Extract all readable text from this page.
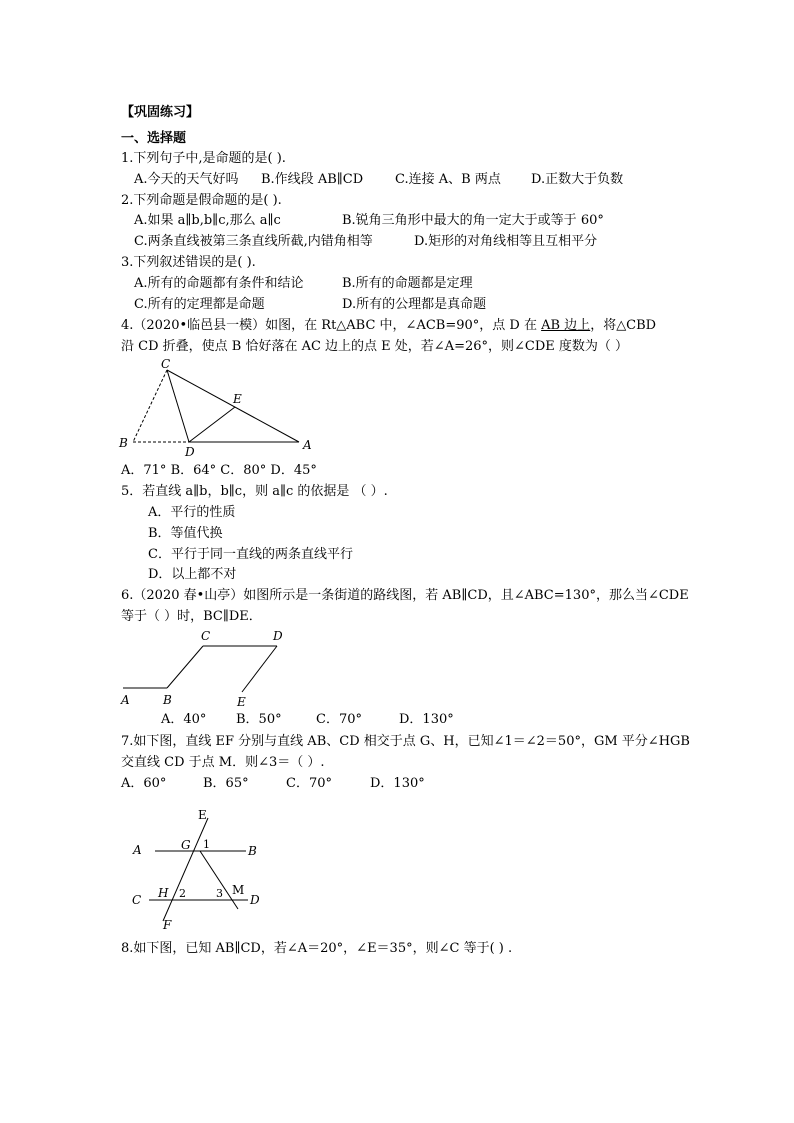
【巩固练习】
一、选择题
1.下列句子中,是命题的是( ).
A.今天的天气好吗 B.作线段 AB∥CD C.连接 A、B 两点 D.正数大于负数
2.下列命题是假命题的是( ).
A.如果 a∥b,b∥c,那么 a∥c	B.锐角三角形中最大的角一定大于或等于 60°
C.两条直线被第三条直线所截,内错角相等	D.矩形的对角线相等且互相平分
3.下列叙述错误的是( ).
A.所有的命题都有条件和结论	B.所有的命题都是定理
C.所有的定理都是命题	D.所有的公理都是真命题
4.（2020•临邑县一模）如图，在 Rt△ABC 中，∠ACB=90°，点 D 在 AB 边上，将△CBD
沿 CD 折叠，使点 B 恰好落在 AC 边上的点 E 处，若∠A=26°，则∠CDE 度数为（ ）
C
E
B
D	A
A．71° B．64° C．80° D．45°
5．若直线 a∥b，b∥c，则 a∥c 的依据是 （ ）.
A．平行的性质
B．等值代换
C．平行于同一直线的两条直线平行
D．以上都不对
6.（2020 春•山亭）如图所示是一条街道的路线图，若 AB∥CD，且∠ABC=130°，那么当∠CDE
等于（ ）时，BC∥DE．
C	D
A	B	E
A．40° B．50°	C．70°	D．130°
7.如下图，直线 EF 分别与直线 AB、CD 相交于点 G、H，已知∠1＝∠2＝50°，GM 平分∠HGB
交直线 CD 于点 M．则∠3＝（ ）.
A．60°	B．65°	C．70°	D．130°
E
A	G 1	B
H 2	3 M
C	D
F
8.如下图，已知 AB∥CD，若∠A＝20°，∠E＝35°，则∠C 等于( ) .
